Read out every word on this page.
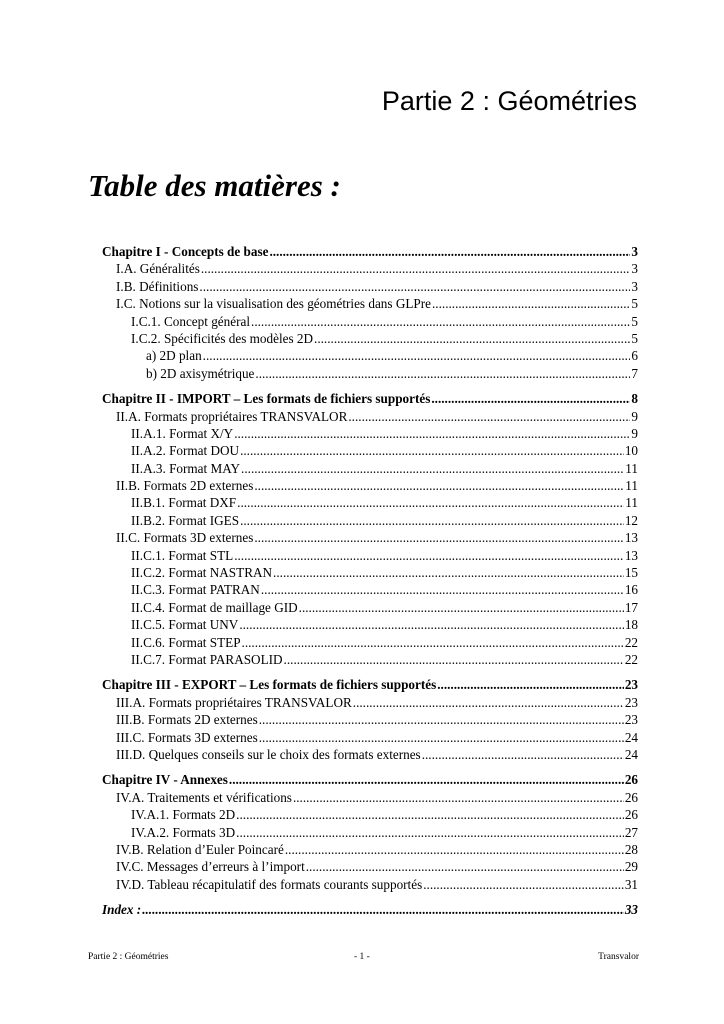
Partie 2 : Géométries
Table des matières :
Chapitre I - Concepts de base .....	3
I.A. Généralités .....	3
I.B. Définitions .....	3
I.C. Notions sur la visualisation des géométries dans GLPre .....	5
I.C.1. Concept général .....	5
I.C.2. Spécificités des modèles 2D .....	5
a) 2D plan .....	6
b) 2D axisymétrique .....	7
Chapitre II - IMPORT – Les formats de fichiers supportés .....	8
II.A. Formats propriétaires TRANSVALOR .....	9
II.A.1. Format X/Y .....	9
II.A.2. Format DOU .....	10
II.A.3. Format MAY .....	11
II.B. Formats 2D externes .....	11
II.B.1. Format DXF .....	11
II.B.2. Format IGES .....	12
II.C. Formats 3D externes .....	13
II.C.1. Format STL .....	13
II.C.2. Format NASTRAN .....	15
II.C.3. Format PATRAN .....	16
II.C.4. Format de maillage GID .....	17
II.C.5. Format UNV .....	18
II.C.6. Format STEP .....	22
II.C.7. Format PARASOLID .....	22
Chapitre III - EXPORT – Les formats de fichiers supportés .....	23
III.A. Formats propriétaires TRANSVALOR .....	23
III.B. Formats 2D externes .....	23
III.C. Formats 3D externes .....	24
III.D. Quelques conseils sur le choix des formats externes .....	24
Chapitre IV - Annexes .....	26
IV.A. Traitements et vérifications .....	26
IV.A.1. Formats 2D .....	26
IV.A.2. Formats 3D .....	27
IV.B. Relation d’Euler Poincaré .....	28
IV.C. Messages d’erreurs à l’import .....	29
IV.D. Tableau récapitulatif des formats courants supportés .....	31
Index : .....	33
Partie 2 : Géométries	- 1 -	Transvalor
